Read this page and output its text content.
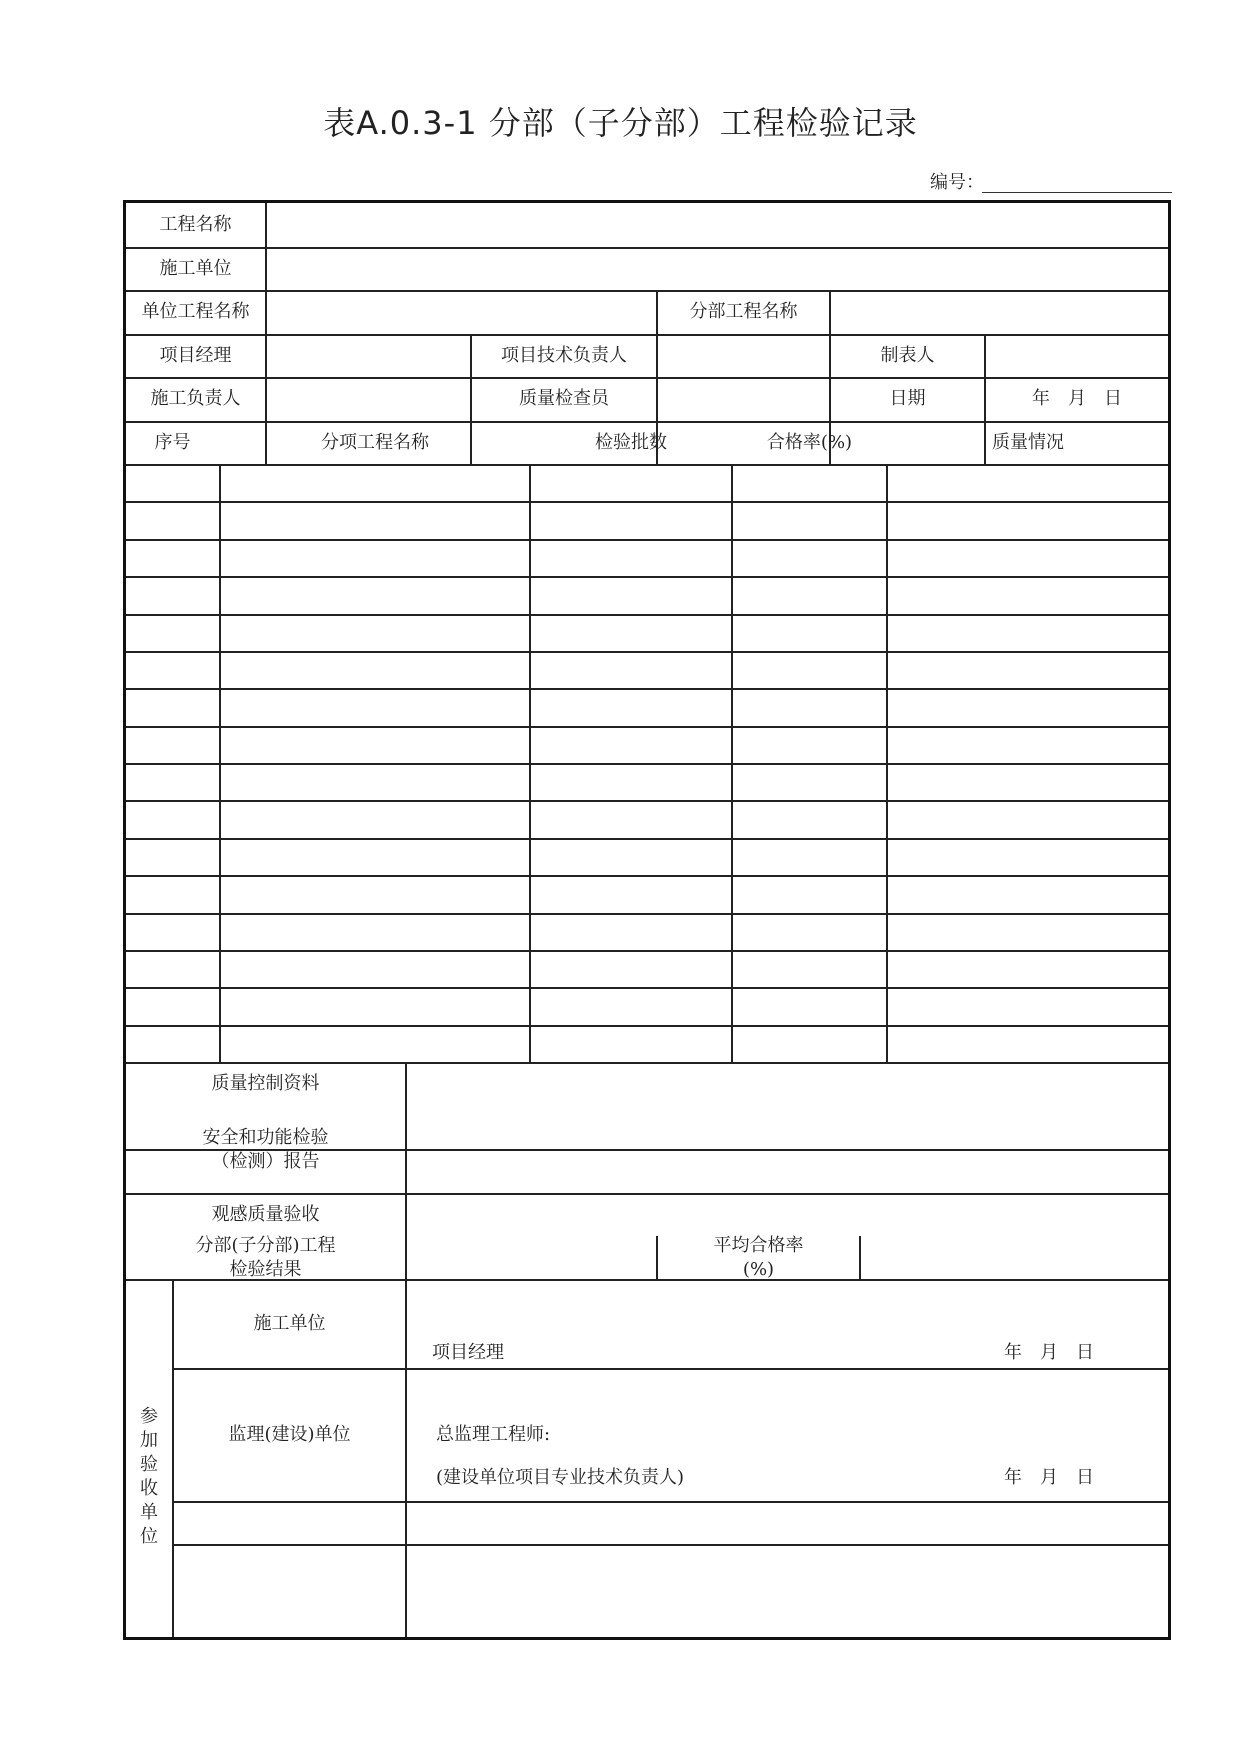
表A.0.3-1 分部（子分部）工程检验记录
编号：
工程名称
施工单位
单位工程名称	分部工程名称
项目经理	项目技术负责人	制表人
施工负责人	质量检查员	日期	年　月　日
序号	分项工程名称	检验批数	合格率(%)	质量情况
质量控制资料
安全和功能检验
（检测）报告
观感质量验收
分部(子分部)工程
检验结果
平均合格率
(%)
参加验收单位
施工单位
项目经理	年　月　日
监理(建设)单位	总监理工程师:
(建设单位项目专业技术负责人)	年　月　日
